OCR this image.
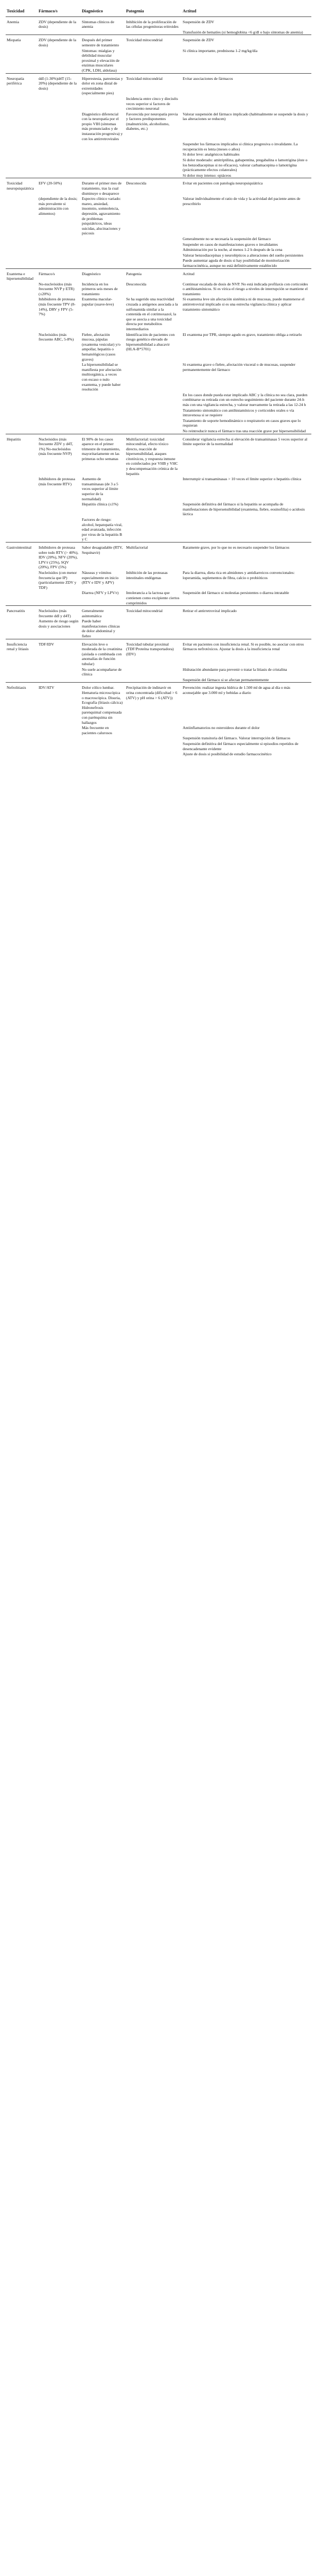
Toxicidad	Fármaco/s	Diagnóstico	Patogenia	Actitud
Anemia	ZDV (dependiente de la dosis)	Síntomas clínicos de anemia	Inhibición de la proliferación de las células progenitoras eritroides	Suspensión de ZDV
				Transfusión de hematíes (si hemoglobina <6 g/dl o bajo síntomas de anemia)
Miopatía	ZDV (dependiente de la dosis)	Después del primer semestre de tratamiento	Toxicidad mitocondrial	Suspensión de ZDV
		Síntomas: mialgias y debilidad muscular proximal y elevación de enzimas musculares (CPK, LDH, aldolasa)		Si clínica importante, prednisona 1-2 mg/kg/día
Neuropatía periférica	ddI (1-30%)d4T (15-20%) (dependiente de la dosis)	Hiperestesia, parestesias y dolor en zona distal de extremidades (especialmente pies)	Toxicidad mitocondrial	Evitar asociaciones de fármacos
			Incidencia entre cinco y dieciséis veces superior si factores de crecimiento neuronal	
		Diagnóstico diferencial con la neuropatía por el propio VIH (síntomas más pronunciados y de instauración progresiva) y con los antirretrovirales	Favorecida por neuropatía previa y factores predisponentes (malnutrición, alcoholismo, diabetes, etc.)	Valorar suspensión del fármaco implicado (habitualmente se suspende la dosis y las alteraciones se reducen)
				Suspender los fármacos implicados si clínica progresiva o invalidante. La recuperación es lenta (meses o años)
				Si dolor leve: analgésicos habituales
				Si dolor moderado: amitriptilina, gabapentina, pregabalina o lamotrigina (éste o los benzodiacepinas si no eficaces), valorar carbamacepina o lamotrigina (prácticamente efectos colaterales)
				Si dolor muy intenso: opiáceos
Toxicidad neuropsiquiátrica	EFV (20-50%)	Durante el primer mes de tratamiento, tras la cual disminuye o desaparece	Desconocida	Evitar en pacientes con patología neuropsiquiátrica
	(dependiente de la dosis; más prevalente si administración con alimentos)	Espectro clínico variado: mareo, ansiedad, insomnio, somnolencia, depresión, agravamiento de problemas psiquiátricos, ideas suicidas, alucinaciones y psicosis		Valorar individualmente el ratio de vida y la actividad del paciente antes de prescribirlo
				Generalmente no se necesaria la suspensión del fármaco
				Suspender en casos de manifestaciones graves o invalidantes
				Administración por la noche, al menos 1-2 h después de la cena
				Valorar benzodiacepinas y neurolépticos a alteraciones del sueño persistentes
				Puede aumentar aguda de dosis si hay posibilidad de monitorización farmacocinética, aunque no está definitivamente establecido
Exantema e hipersensibilidad	Fármaco/s	Diagnóstico	Patogenia	Actitud
	No-nucleósidos (más frecuente NVP y ETR) (≤20%)	Incidencia en los primeros seis meses de tratamiento	Desconocida	Continuar escalada de dosis de NVP. No está indicada profilaxis con corticoides o antihistamínicos. Si es vírica el riesgo a niveles de interrupción se mantiene el tratamiento
	Inhibidores de proteasa (más frecuente TPV (8-14%), DRV y FPV (5-7%)	Exantema macular-papular (suave-leve)	Se ha sugerido una reactividad cruzada a antígenos asociada a la sulfonamida similar a la contenida en el cotrimoxazol, la que se asocia a una toxicidad directa por metabolitos intermediarios	Si exantema leve sin afectación sistémica ni de mucosas, puede mantenerse el antirretroviral implicado si es una estrecha vigilancia clínica y aplicar tratamiento sintomático
	Nucleósidos (más frecuente ABC, 5-8%)	Fiebre, afectación mucosa, pápulas (exantema vesicular) y/o ampollar, hepatitis o hematológicos (casos graves)	Identificación de pacientes con riesgo genético elevado de hipersensibilidad a abacavir (HLA-B*5701)	El exantema por TPR, siempre agudo es grave, tratamiento obliga a retirarlo
		La hipersensibilidad se manifiesta por afectación multiorgánica, a veces con escaso o nulo exantema, y puede haber resolución		Si exantema grave o fiebre, afectación visceral o de mucosas, suspender permanentemente del fármaco
				En los casos donde pueda estar implicado ABC y la clínica no sea clara, pueden combinarse su retirada con un estrecho seguimiento del paciente durante 24-h más con una vigilancia estrecha, y valorar nuevamente la retirada a las 12-24 h
				Tratamiento sintomático con antihistamínicos y corticoides orales o vía intravenosa si se requiere
				Tratamiento de soporte hemodinámico o respiratorio en casos graves que lo requieran
				No reintroducir nunca el fármaco tras una reacción grave por hipersensibilidad
Hepatitis	Nucleósidos (más frecuente ZDV y d4T, 1%) No-nucleósidos (más frecuente NVP)	El 90% de los casos aparece en el primer trimestre de tratamiento, mayoritariamente en las primeras ocho semanas	Multifactorial: toxicidad mitocondrial, efecto tóxico directo, reacción de hipersensibilidad, ataques citotóxicos, y respuesta inmune en coinfectados por VHB y VHC y descompensación crónica de la hepatitis	Considerar vigilancia estrecha si elevación de transaminasas 5 veces superior al límite superior de la normalidad
	Inhibidores de proteasa (más frecuente RTV)	Aumento de transaminasas (de 3 a 5 veces superior al límite superior de la normalidad)		Interrumpir si transaminasas > 10 veces el límite superior o hepatitis clínica
		Hepatitis clínica (≤1%)		Suspensión definitiva del fármaco si la hepatitis se acompaña de manifestaciones de hipersensibilidad (exantema, fiebre, eosinofilia) o acidosis láctica
		Factores de riesgo: alcohol, hepatopatía viral, edad avanzada, infección por virus de la hepatitis B y C		
Gastrointestinal	Inhibidores de proteasa sobre todo RTV (> 40%), IDV (20%), NFV (20%), LPV/r (25%), SQV (20%), FPV (5%)	Sabor desagradable (RTV, Sequinavir)	Multifactorial	Raramente grave, por lo que no es necesario suspender los fármacos
	Nucleósidos (con menor frecuencia que IP) (particularmente ZDV y TDF)	Náuseas y vómitos especialmente en inicio (RTV e IDV y APV)	Inhibición de las proteasas intestinales endógenas	Para la diarrea, dieta rica en almidones y antidiarreicos convencionales: loperamida, suplementos de fibra, calcio o probióticos
		Diarrea (NFV y LPV/r)	Intolerancia a la lactosa que contienen como excipiente ciertos comprimidos	Suspensión del fármaco si molestias persistentes o diarrea intratable
Pancreatitis	Nucleósidos (más frecuente ddI y d4T)	Generalmente asintomática	Toxicidad mitocondrial	Retirar el antirretroviral implicado
	Aumento de riesgo según dosis y asociaciones	Puede haber manifestaciones clínicas de dolor abdominal y fiebre		
Insuficiencia renal y litiasis	TDF/IDV	Elevación leve o moderada de la creatinina (aislada o combinada con anomalías de función tubular)	Toxicidad tubular proximal (TDF/Proteína transportadora) (IDV)	Evitar en pacientes con insuficiencia renal. Si es posible, no asociar con otros fármacos nefrotóxicos. Ajustar la dosis a la insuficiencia renal
		No suele acompañarse de clínica		Hidratación abundante para prevenir o tratar la litiasis de cristalina
				Suspensión del fármaco si se afectan permanentemente
Nefrolitiasis	IDV/ATV	Dolor cólico lumbar. Hematuria microscópica o macroscópica. Disuria, Ecografía (litiasis cálcica) Hidronefrosis parenquimal compensada con parénquima sin hallazgos	Precipitación de indinavir en orina concentrada (dificultad > 6 (ATV) y pH orina > 6 (ATV))	Prevención: realizar ingesta hídrica de 1.500 ml de agua al día o más aconsejable que 3.000 ml y bebidas a diario
		Más frecuente en pacientes calurosos		Antiinflamatorios no esteroideos durante el dolor
				Suspensión transitoria del fármaco. Valorar interrupción de fármacos
				Suspensión definitiva del fármaco especialmente si episodios repetidos de desencadenante evidente
				Ajuste de dosis si posibilidad de estudio farmacocinético
